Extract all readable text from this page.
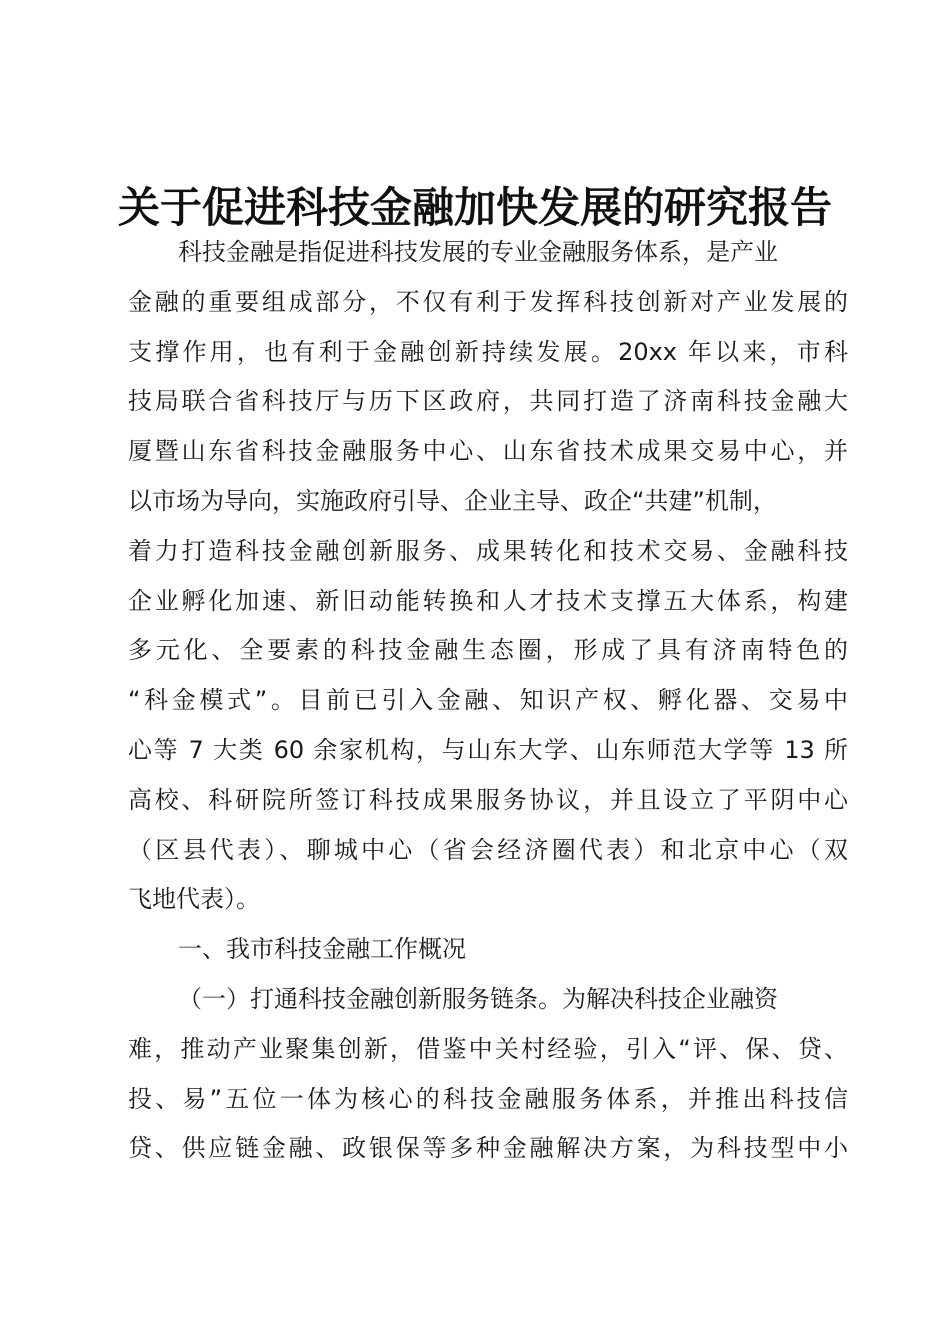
关于促进科技金融加快发展的研究报告
科技金融是指促进科技发展的专业金融服务体系，是产业
金融的重要组成部分，不仅有利于发挥科技创新对产业发展的
支撑作用，也有利于金融创新持续发展。20xx 年以来，市科
技局联合省科技厅与历下区政府，共同打造了济南科技金融大
厦暨山东省科技金融服务中心、山东省技术成果交易中心，并
以市场为导向，实施政府引导、企业主导、政企“共建”机制，
着力打造科技金融创新服务、成果转化和技术交易、金融科技
企业孵化加速、新旧动能转换和人才技术支撑五大体系，构建
多元化、全要素的科技金融生态圈，形成了具有济南特色的
“科金模式”。目前已引入金融、知识产权、孵化器、交易中
心等 7 大类 60 余家机构，与山东大学、山东师范大学等 13 所
高校、科研院所签订科技成果服务协议，并且设立了平阴中心
（区县代表）、聊城中心（省会经济圈代表）和北京中心（双
飞地代表）。
一、我市科技金融工作概况
（一）打通科技金融创新服务链条。为解决科技企业融资
难，推动产业聚集创新，借鉴中关村经验，引入“评、保、贷、
投、易”五位一体为核心的科技金融服务体系，并推出科技信
贷、供应链金融、政银保等多种金融解决方案，为科技型中小
